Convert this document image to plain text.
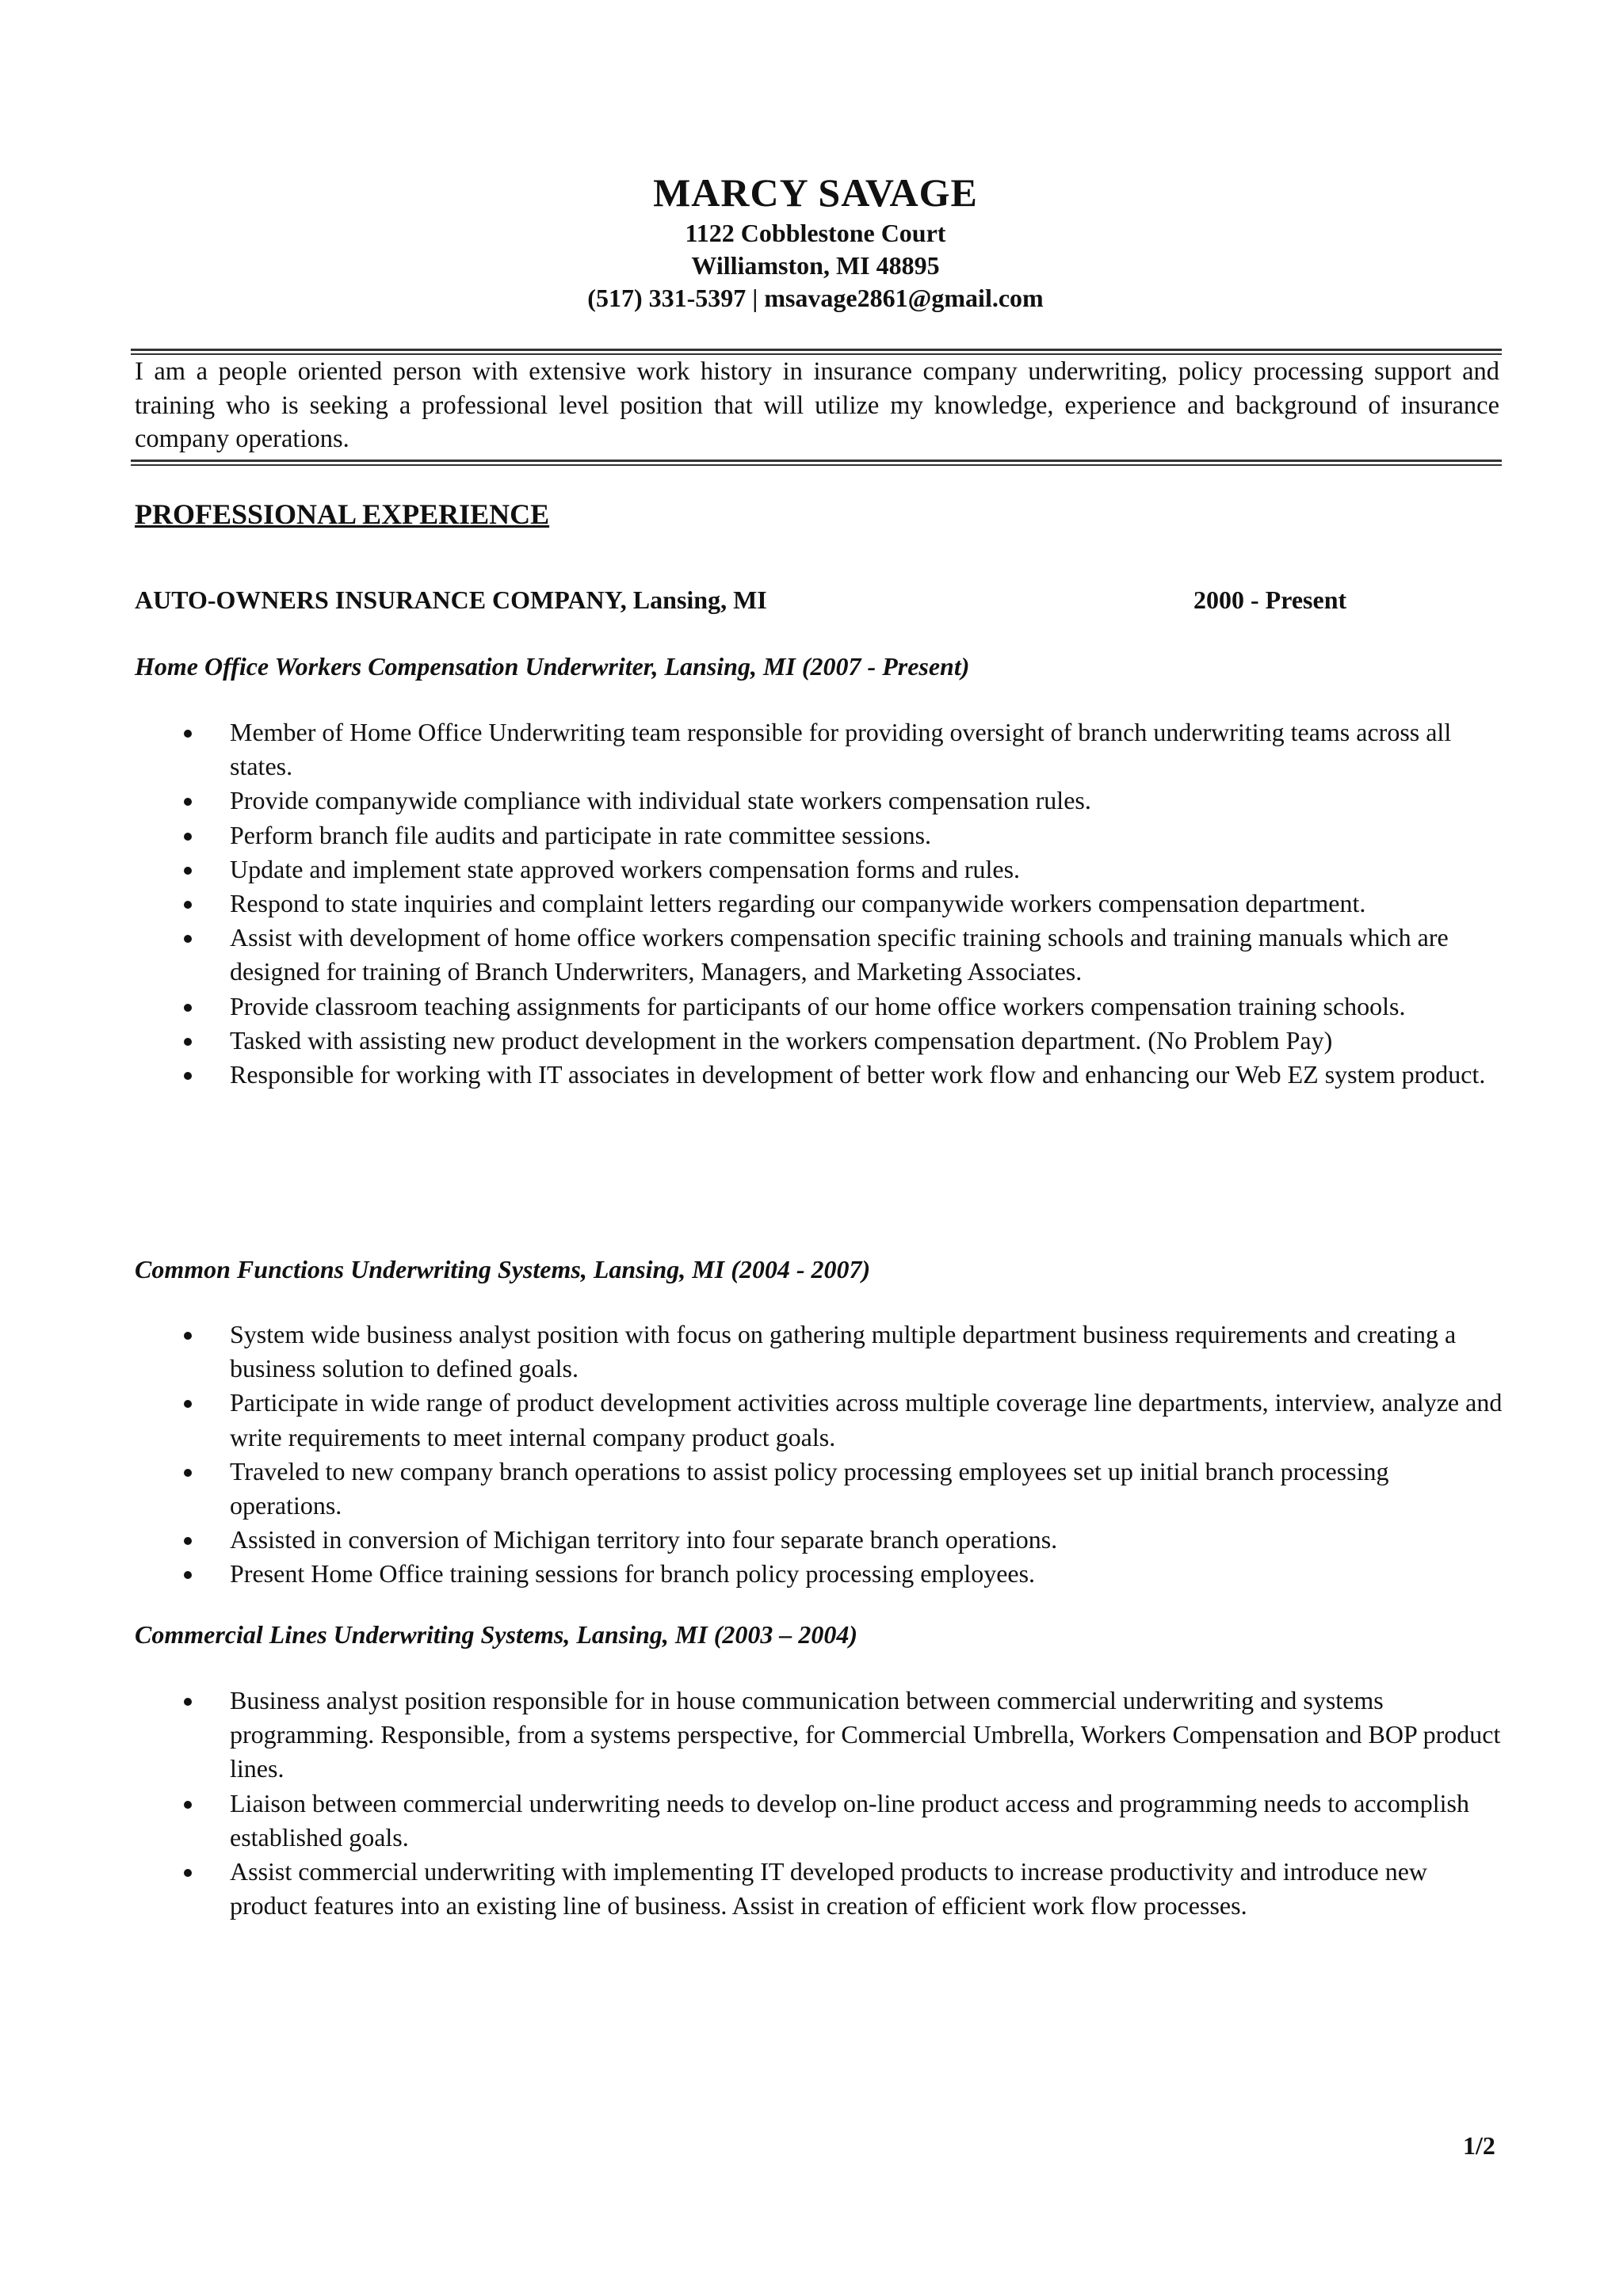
MARCY SAVAGE
1122 Cobblestone Court
Williamston, MI 48895
(517) 331-5397 | msavage2861@gmail.com
I am a people oriented person with extensive work history in insurance company underwriting, policy processing support and training who is seeking a professional level position that will utilize my knowledge, experience and background of insurance company operations.
PROFESSIONAL EXPERIENCE
AUTO-OWNERS INSURANCE COMPANY, Lansing, MI	2000 - Present
Home Office Workers Compensation Underwriter, Lansing, MI (2007 - Present)
Member of Home Office Underwriting team responsible for providing oversight of branch underwriting teams across all states.
Provide companywide compliance with individual state workers compensation rules.
Perform branch file audits and participate in rate committee sessions.
Update and implement state approved workers compensation forms and rules.
Respond to state inquiries and complaint letters regarding our companywide workers compensation department.
Assist with development of home office workers compensation specific training schools and training manuals which are designed for training of Branch Underwriters, Managers, and Marketing Associates.
Provide classroom teaching assignments for participants of our home office workers compensation training schools.
Tasked with assisting new product development in the workers compensation department. (No Problem Pay)
Responsible for working with IT associates in development of better work flow and enhancing our Web EZ system product.
Common Functions Underwriting Systems, Lansing, MI (2004 - 2007)
System wide business analyst position with focus on gathering multiple department business requirements and creating a business solution to defined goals.
Participate in wide range of product development activities across multiple coverage line departments, interview, analyze and write requirements to meet internal company product goals.
Traveled to new company branch operations to assist policy processing employees set up initial branch processing operations.
Assisted in conversion of Michigan territory into four separate branch operations.
Present Home Office training sessions for branch policy processing employees.
Commercial Lines Underwriting Systems, Lansing, MI (2003 – 2004)
Business analyst position responsible for in house communication between commercial underwriting and systems programming. Responsible, from a systems perspective, for Commercial Umbrella, Workers Compensation and BOP product lines.
Liaison between commercial underwriting needs to develop on-line product access and programming needs to accomplish established goals.
Assist commercial underwriting with implementing IT developed products to increase productivity and introduce new product features into an existing line of business. Assist in creation of efficient work flow processes.
1/2
